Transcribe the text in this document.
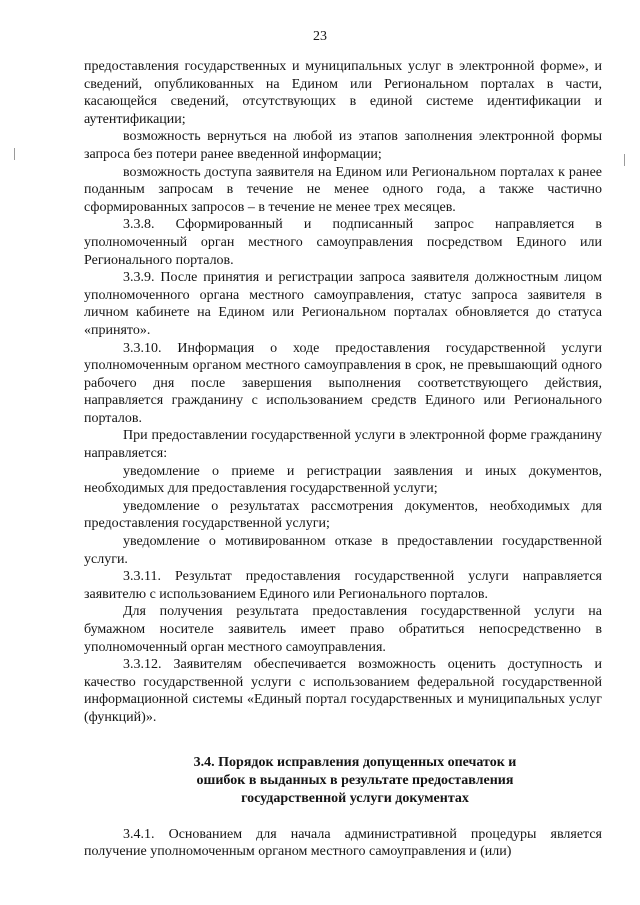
23

предоставления государственных и муниципальных услуг в электронной форме», и сведений, опубликованных на Едином или Региональном порталах в части, касающейся сведений, отсутствующих в единой системе идентификации и аутентификации;

возможность вернуться на любой из этапов заполнения электронной формы запроса без потери ранее введенной информации;

возможность доступа заявителя на Едином или Региональном порталах к ранее поданным запросам в течение не менее одного года, а также частично сформированных запросов – в течение не менее трех месяцев.

3.3.8. Сформированный и подписанный запрос направляется в уполномоченный орган местного самоуправления посредством Единого или Регионального порталов.

3.3.9. После принятия и регистрации запроса заявителя должностным лицом уполномоченного органа местного самоуправления, статус запроса заявителя в личном кабинете на Едином или Региональном порталах обновляется до статуса «принято».

3.3.10. Информация о ходе предоставления государственной услуги уполномоченным органом местного самоуправления в срок, не превышающий одного рабочего дня после завершения выполнения соответствующего действия, направляется гражданину с использованием средств Единого или Регионального порталов.

При предоставлении государственной услуги в электронной форме гражданину направляется:

уведомление о приеме и регистрации заявления и иных документов, необходимых для предоставления государственной услуги;

уведомление о результатах рассмотрения документов, необходимых для предоставления государственной услуги;

уведомление о мотивированном отказе в предоставлении государственной услуги.

3.3.11. Результат предоставления государственной услуги направляется заявителю с использованием Единого или Регионального порталов.

Для получения результата предоставления государственной услуги на бумажном носителе заявитель имеет право обратиться непосредственно в уполномоченный орган местного самоуправления.

3.3.12. Заявителям обеспечивается возможность оценить доступность и качество государственной услуги с использованием федеральной государственной информационной системы «Единый портал государственных и муниципальных услуг (функций)».

3.4. Порядок исправления допущенных опечаток и

ошибок в выданных в результате предоставления

государственной услуги документах

3.4.1. Основанием для начала административной процедуры является получение уполномоченным органом местного самоуправления и (или)
